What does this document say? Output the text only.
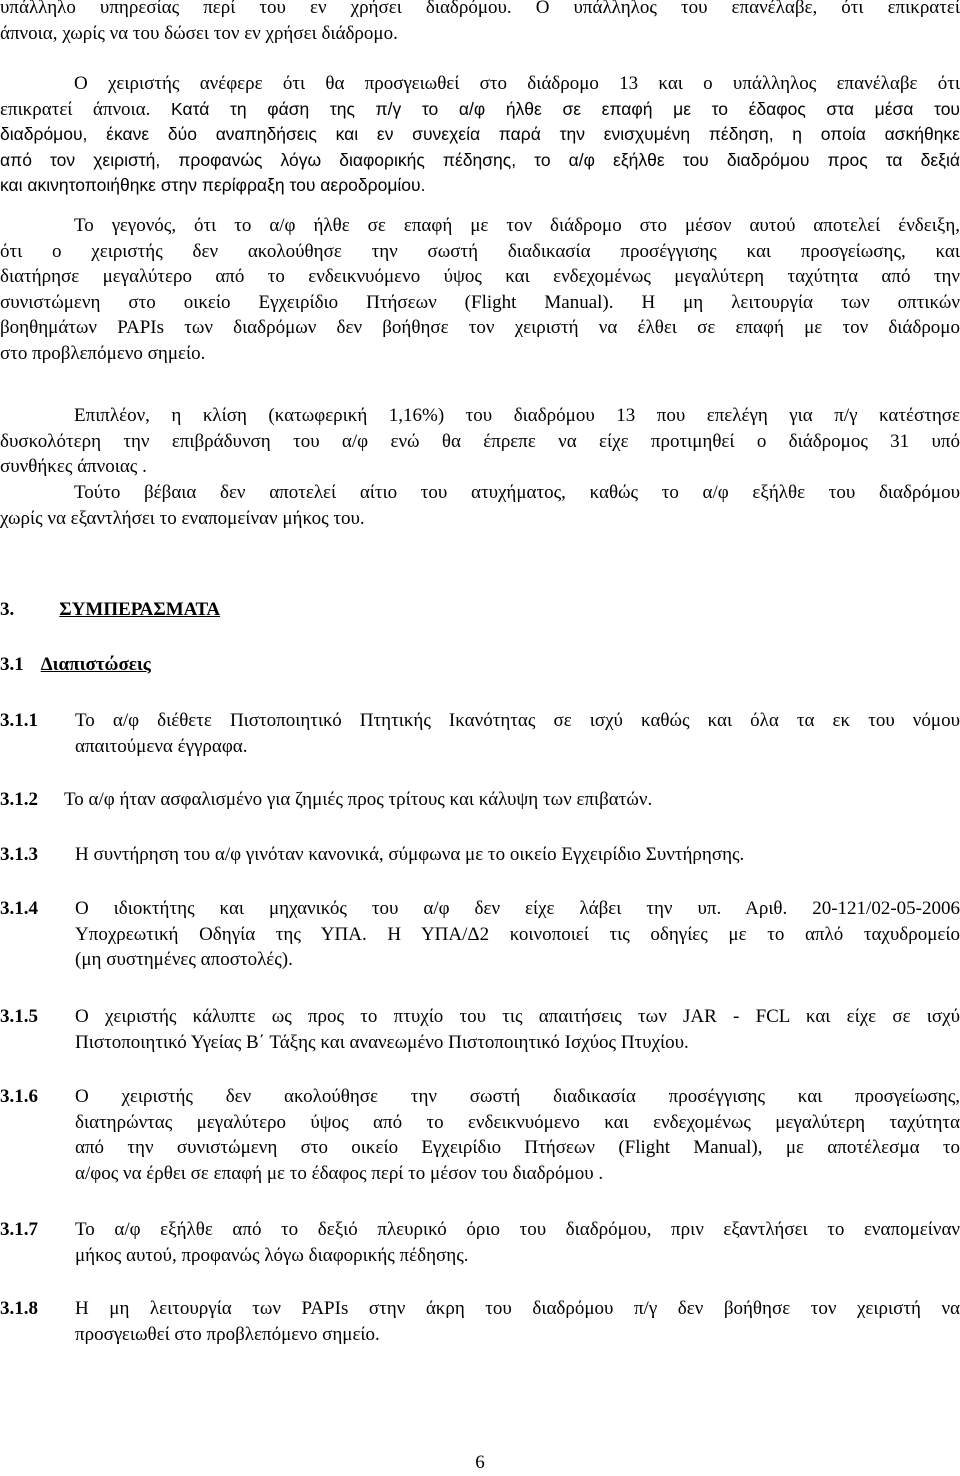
υπάλληλο υπηρεσίας περί του εν χρήσει διαδρόμου. Ο υπάλληλος του επανέλαβε, ότι επικρατεί
άπνοια, χωρίς να του δώσει τον εν χρήσει διάδρομο.
Ο χειριστής ανέφερε ότι θα προσγειωθεί στο διάδρομο 13 και ο υπάλληλος επανέλαβε ότι
επικρατεί άπνοια. Κατά τη φάση της π/γ το α/φ ήλθε σε επαφή με το έδαφος στα μέσα του
διαδρόμου, έκανε δύο αναπηδήσεις και εν συνεχεία παρά την ενισχυμένη πέδηση, η οποία ασκήθηκε
από τον χειριστή, προφανώς λόγω διαφορικής πέδησης, το α/φ εξήλθε του διαδρόμου προς τα δεξιά
και ακινητοποιήθηκε στην περίφραξη του αεροδρομίου.
Το γεγονός, ότι το α/φ ήλθε σε επαφή με τον διάδρομο στο μέσον αυτού αποτελεί ένδειξη,
ότι ο χειριστής δεν ακολούθησε την σωστή διαδικασία προσέγγισης και προσγείωσης, και
διατήρησε μεγαλύτερο από το ενδεικνυόμενο ύψος και ενδεχομένως μεγαλύτερη ταχύτητα από την
συνιστώμενη στο οικείο Εγχειρίδιο Πτήσεων (Flight Manual). Η μη λειτουργία των οπτικών
βοηθημάτων PAPIs των διαδρόμων δεν βοήθησε τον χειριστή να έλθει σε επαφή με τον διάδρομο
στο προβλεπόμενο σημείο.
Επιπλέον, η κλίση (κατωφερική 1,16%) του διαδρόμου 13 που επελέγη για π/γ κατέστησε
δυσκολότερη την επιβράδυνση του α/φ ενώ θα έπρεπε να είχε προτιμηθεί ο διάδρομος 31 υπό
συνθήκες άπνοιας .
Τούτο βέβαια δεν αποτελεί αίτιο του ατυχήματος, καθώς το α/φ εξήλθε του διαδρόμου
χωρίς να εξαντλήσει το εναπομείναν μήκος του.
3. ΣΥΜΠΕΡΑΣΜΑΤΑ
3.1 Διαπιστώσεις
3.1.1 Το α/φ διέθετε Πιστοποιητικό Πτητικής Ικανότητας σε ισχύ καθώς και όλα τα εκ του νόμου
απαιτούμενα έγγραφα.
3.1.2 Το α/φ ήταν ασφαλισμένο για ζημιές προς τρίτους και κάλυψη των επιβατών.
3.1.3 Η συντήρηση του α/φ γινόταν κανονικά, σύμφωνα με το οικείο Εγχειρίδιο Συντήρησης.
3.1.4 Ο ιδιοκτήτης και μηχανικός του α/φ δεν είχε λάβει την υπ. Αριθ. 20-121/02-05-2006
Υποχρεωτική Οδηγία της ΥΠΑ. Η ΥΠΑ/Δ2 κοινοποιεί τις οδηγίες με το απλό ταχυδρομείο
(μη συστημένες αποστολές).
3.1.5 Ο χειριστής κάλυπτε ως προς το πτυχίο του τις απαιτήσεις των JAR - FCL και είχε σε ισχύ
Πιστοποιητικό Υγείας Β΄ Τάξης και ανανεωμένο Πιστοποιητικό Ισχύος Πτυχίου.
3.1.6 Ο χειριστής δεν ακολούθησε την σωστή διαδικασία προσέγγισης και προσγείωσης,
διατηρώντας μεγαλύτερο ύψος από το ενδεικνυόμενο και ενδεχομένως μεγαλύτερη ταχύτητα
από την συνιστώμενη στο οικείο Εγχειρίδιο Πτήσεων (Flight Manual), με αποτέλεσμα το
α/φος να έρθει σε επαφή με το έδαφος περί το μέσον του διαδρόμου .
3.1.7 Το α/φ εξήλθε από το δεξιό πλευρικό όριο του διαδρόμου, πριν εξαντλήσει το εναπομείναν
μήκος αυτού, προφανώς λόγω διαφορικής πέδησης.
3.1.8 Η μη λειτουργία των PAPIs στην άκρη του διαδρόμου π/γ δεν βοήθησε τον χειριστή να
προσγειωθεί στο προβλεπόμενο σημείο.
6
